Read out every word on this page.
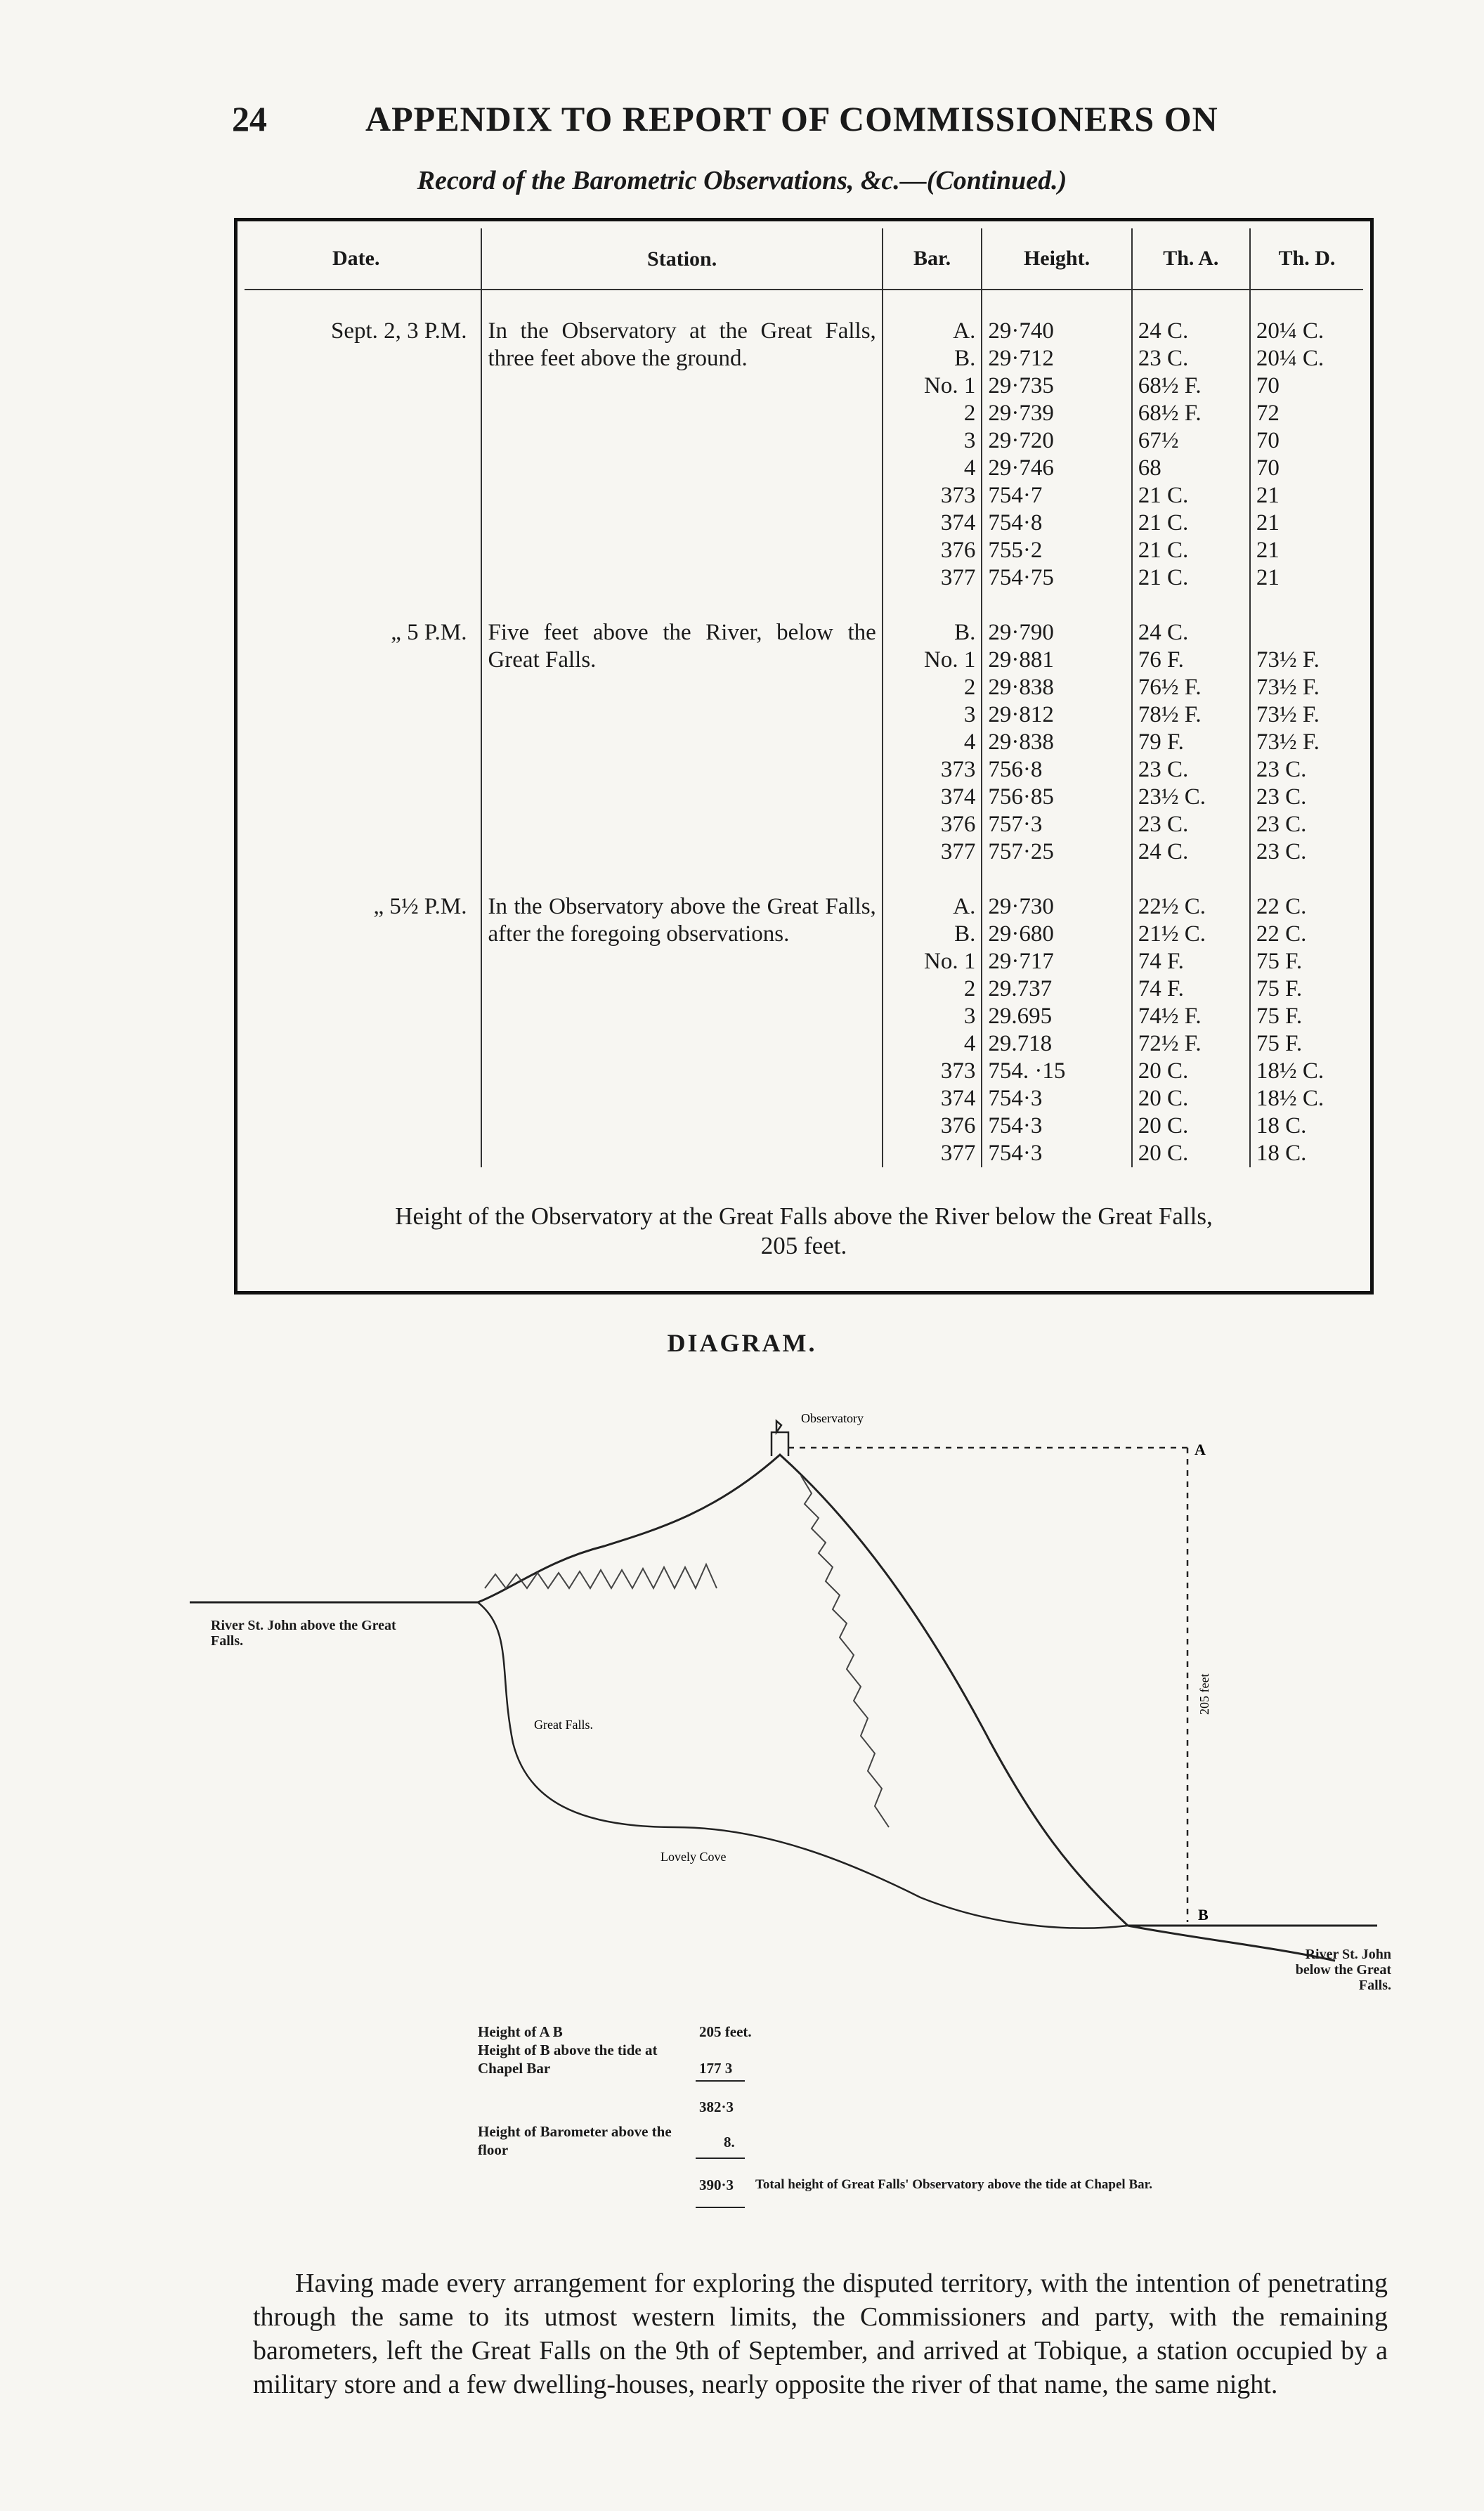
24	APPENDIX TO REPORT OF COMMISSIONERS ON
Record of the Barometric Observations, &c.—(Continued.)
Date.	Station.	Bar.	Height.	Th. A.	Th. D.

Sept. 2, 3 P.M.	In the Observatory at the Great Falls, three feet above the ground.	A.	29·740	24 C.	20¼ C.
		B.	29·712	23 C.	20¼ C.
		No. 1	29·735	68½ F.	70
		2	29·739	68½ F.	72
		3	29·720	67½	70
		4	29·746	68	70
		373	754·7	21 C.	21
		374	754·8	21 C.	21
		376	755·2	21 C.	21
		377	754·75	21 C.	21

„ 5 P.M.	Five feet above the River, below the Great Falls.	B.	29·790	24 C.	
		No. 1	29·881	76 F.	73½ F.
		2	29·838	76½ F.	73½ F.
		3	29·812	78½ F.	73½ F.
		4	29·838	79 F.	73½ F.
		373	756·8	23 C.	23 C.
		374	756·85	23½ C.	23 C.
		376	757·3	23 C.	23 C.
		377	757·25	24 C.	23 C.

„ 5½ P.M.	In the Observatory above the Great Falls, after the foregoing observations.	A.	29·730	22½ C.	22 C.
		B.	29·680	21½ C.	22 C.
		No. 1	29·717	74 F.	75 F.
		2	29.737	74 F.	75 F.
		3	29.695	74½ F.	75 F.
		4	29.718	72½ F.	75 F.
		373	754. ·15	20 C.	18½ C.
		374	754·3	20 C.	18½ C.
		376	754·3	20 C.	18 C.
		377	754·3	20 C.	18 C.
Height of the Observatory at the Great Falls above the River below the Great Falls,
205 feet.
DIAGRAM.
A
B
Observatory
205 feet
Great Falls.
Lovely Cove
River St. John above the Great Falls.
River St. John below the Great Falls.
Height of A B	205 feet.
Height of B above the tide at Chapel Bar	177 3
382·3
Height of Barometer above the floor	8.
390·3 Total height of Great Falls' Observatory above the tide at Chapel Bar.
Having made every arrangement for exploring the disputed territory, with the intention of penetrating through the same to its utmost western limits, the Commissioners and party, with the remaining barometers, left the Great Falls on the 9th of September, and arrived at Tobique, a station occupied by a military store and a few dwelling-houses, nearly opposite the river of that name, the same night.
